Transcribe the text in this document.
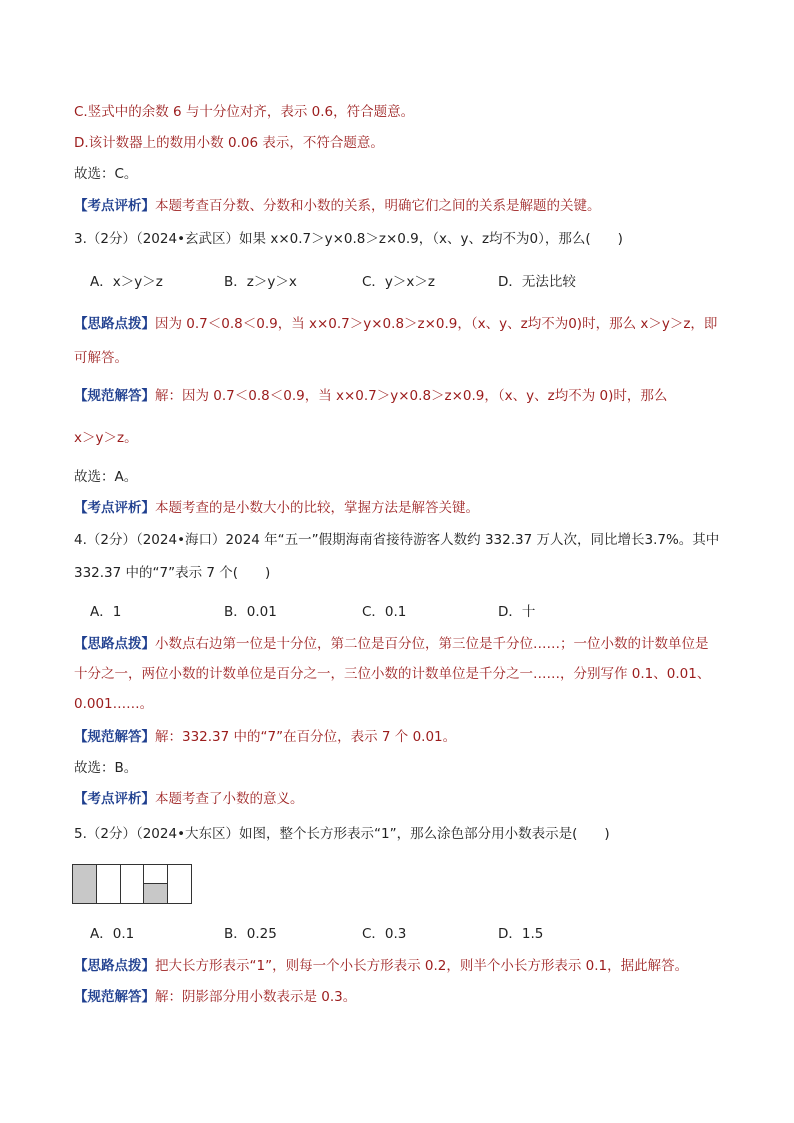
C.竖式中的余数 6 与十分位对齐，表示 0.6，符合题意。
D.该计数器上的数用小数 0.06 表示，不符合题意。
故选：C。
【考点评析】本题考查百分数、分数和小数的关系，明确它们之间的关系是解题的关键。
3.（2分）（2024•玄武区）如果 x×0.7＞y×0.8＞z×0.9，（x、y、z均不为0），那么(　　)
A．x＞y＞z	B．z＞y＞x	C．y＞x＞z	D．无法比较
【思路点拨】因为 0.7＜0.8＜0.9，当 x×0.7＞y×0.8＞z×0.9，（x、y、z均不为0)时，那么 x＞y＞z，即
可解答。
【规范解答】解：因为 0.7＜0.8＜0.9，当 x×0.7＞y×0.8＞z×0.9，（x、y、z均不为 0)时，那么
x＞y＞z。
故选：A。
【考点评析】本题考查的是小数大小的比较，掌握方法是解答关键。
4.（2分）（2024•海口）2024 年“五一”假期海南省接待游客人数约 332.37 万人次，同比增长3.7%。其中
332.37 中的“7”表示 7 个(　　)
A．1	B．0.01	C．0.1	D．十
【思路点拨】小数点右边第一位是十分位，第二位是百分位，第三位是千分位……；一位小数的计数单位是
十分之一，两位小数的计数单位是百分之一，三位小数的计数单位是千分之一……，分别写作 0.1、0.01、
0.001……。
【规范解答】解：332.37 中的“7”在百分位，表示 7 个 0.01。
故选：B。
【考点评析】本题考查了小数的意义。
5.（2分）（2024•大东区）如图，整个长方形表示“1”，那么涂色部分用小数表示是(　　)
A．0.1	B．0.25	C．0.3	D．1.5
【思路点拨】把大长方形表示“1”，则每一个小长方形表示 0.2，则半个小长方形表示 0.1，据此解答。
【规范解答】解：阴影部分用小数表示是 0.3。
